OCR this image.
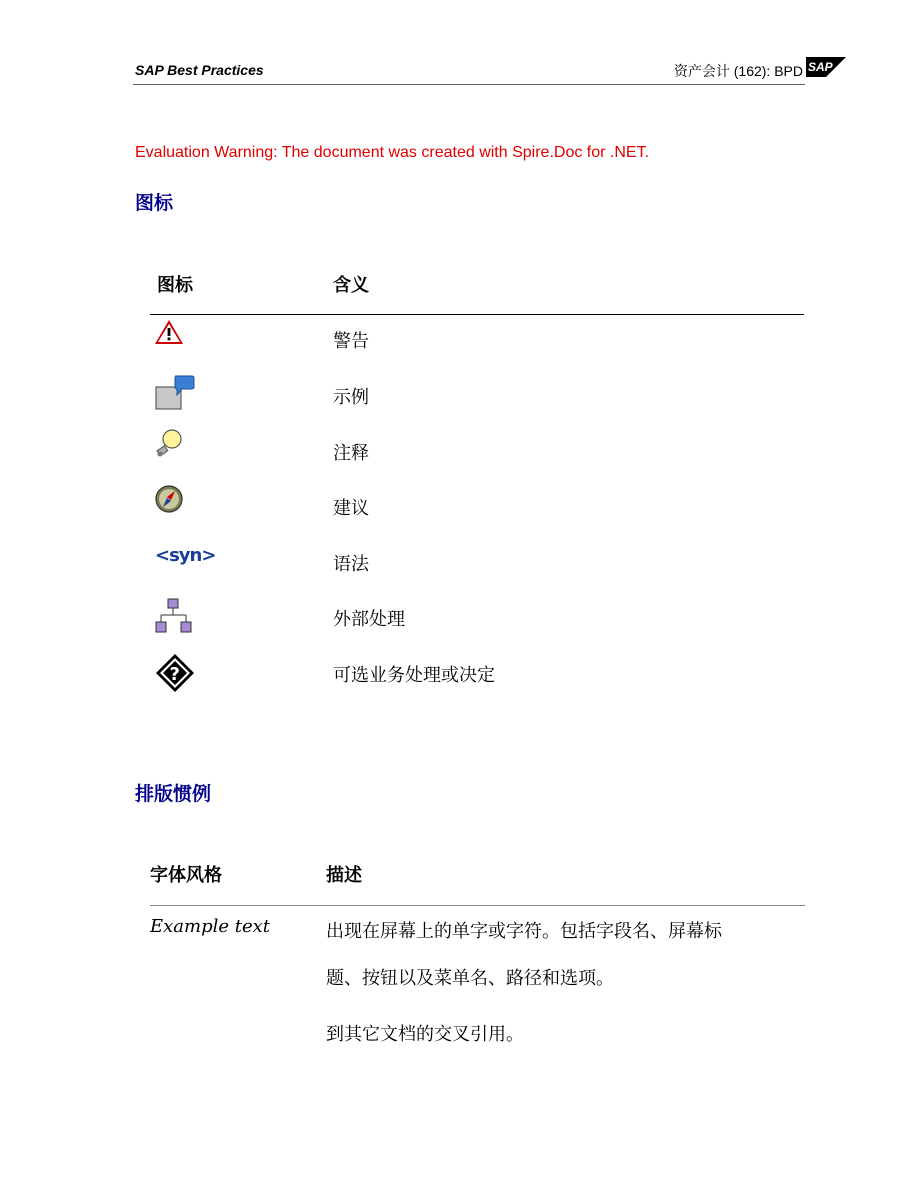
SAP Best Practices	资产会计 (162): BPD SAP
Evaluation Warning: The document was created with Spire.Doc for .NET.
图标
图标	含义
警告
示例
注释
建议
<syn>	语法
外部处理
?	可选业务处理或决定
排版惯例
字体风格	描述
Example text	出现在屏幕上的单字或字符。包括字段名、屏幕标
题、按钮以及菜单名、路径和选项。
到其它文档的交叉引用。
